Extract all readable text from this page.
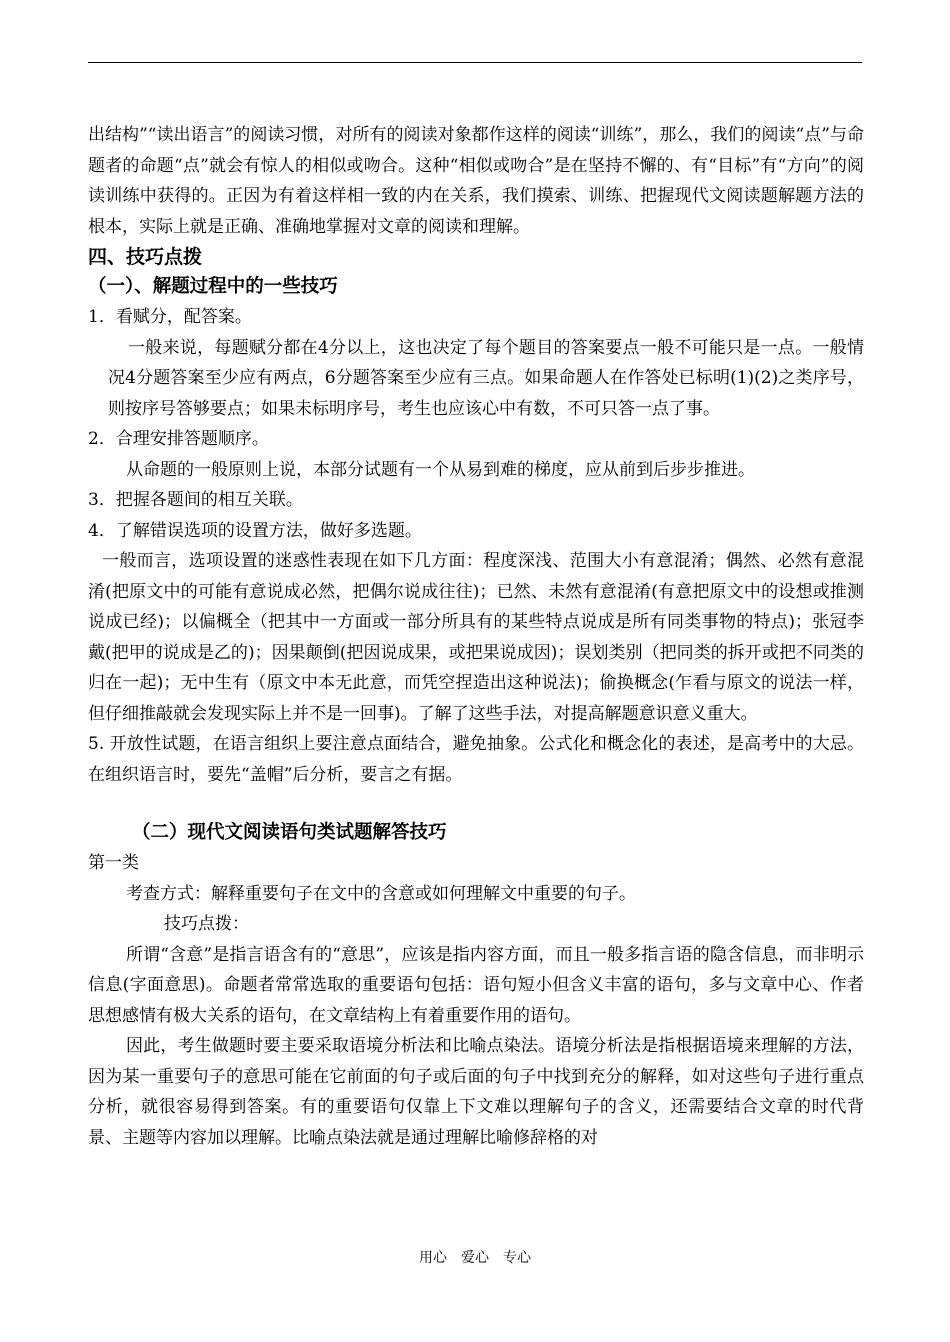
出结构”“读出语言”的阅读习惯，对所有的阅读对象都作这样的阅读“训练”，那么，我们的阅读“点”与命题者的命题“点”就会有惊人的相似或吻合。这种“相似或吻合”是在坚持不懈的、有“目标”有“方向”的阅读训练中获得的。正因为有着这样相一致的内在关系，我们摸索、训练、把握现代文阅读题解题方法的根本，实际上就是正确、准确地掌握对文章的阅读和理解。

四、技巧点拨

（一）、解题过程中的一些技巧

1．看赋分，配答案。

一般来说，每题赋分都在4分以上，这也决定了每个题目的答案要点一般不可能只是一点。一般情况4分题答案至少应有两点，6分题答案至少应有三点。如果命题人在作答处已标明(1)(2)之类序号，则按序号答够要点；如果未标明序号，考生也应该心中有数，不可只答一点了事。

2．合理安排答题顺序。

从命题的一般原则上说，本部分试题有一个从易到难的梯度，应从前到后步步推进。

3．把握各题间的相互关联。

4．了解错误选项的设置方法，做好多选题。

一般而言，选项设置的迷惑性表现在如下几方面：程度深浅、范围大小有意混淆；偶然、必然有意混淆(把原文中的可能有意说成必然，把偶尔说成往往)；已然、未然有意混淆(有意把原文中的设想或推测说成已经)；以偏概全（把其中一方面或一部分所具有的某些特点说成是所有同类事物的特点)；张冠李戴(把甲的说成是乙的)；因果颠倒(把因说成果，或把果说成因)；误划类别（把同类的拆开或把不同类的归在一起)；无中生有（原文中本无此意，而凭空捏造出这种说法)；偷换概念(乍看与原文的说法一样，但仔细推敲就会发现实际上并不是一回事)。了解了这些手法，对提高解题意识意义重大。

5. 开放性试题，在语言组织上要注意点面结合，避免抽象。公式化和概念化的表述，是高考中的大忌。在组织语言时，要先“盖帽”后分析，要言之有据。

（二）现代文阅读语句类试题解答技巧

第一类

考查方式：解释重要句子在文中的含意或如何理解文中重要的句子。

技巧点拨：

所谓“含意”是指言语含有的“意思”，应该是指内容方面，而且一般多指言语的隐含信息，而非明示信息(字面意思)。命题者常常选取的重要语句包括：语句短小但含义丰富的语句，多与文章中心、作者思想感情有极大关系的语句，在文章结构上有着重要作用的语句。

因此，考生做题时要主要采取语境分析法和比喻点染法。语境分析法是指根据语境来理解的方法，因为某一重要句子的意思可能在它前面的句子或后面的句子中找到充分的解释，如对这些句子进行重点分析，就很容易得到答案。有的重要语句仅靠上下文难以理解句子的含义，还需要结合文章的时代背景、主题等内容加以理解。比喻点染法就是通过理解比喻修辞格的对

用心　爱心　专心
